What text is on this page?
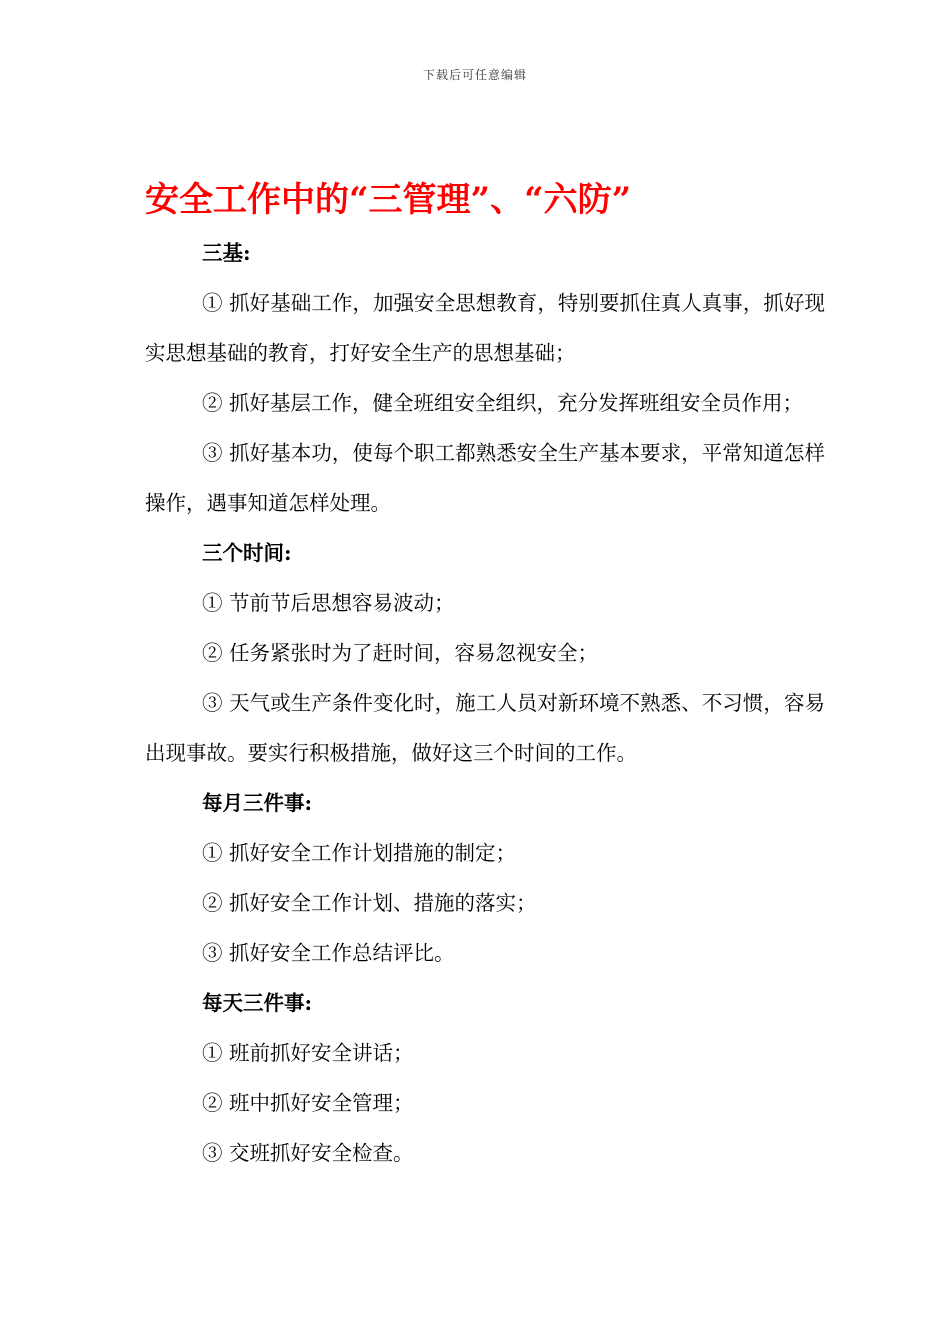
下载后可任意编辑
安全工作中的“三管理”、“六防”

三基:

① 抓好基础工作，加强安全思想教育，特别要抓住真人真事，抓好现实思想基础的教育，打好安全生产的思想基础；

② 抓好基层工作，健全班组安全组织，充分发挥班组安全员作用；

③ 抓好基本功，使每个职工都熟悉安全生产基本要求，平常知道怎样操作，遇事知道怎样处理。

三个时间:

① 节前节后思想容易波动；

② 任务紧张时为了赶时间，容易忽视安全；

③ 天气或生产条件变化时，施工人员对新环境不熟悉、不习惯，容易出现事故。要实行积极措施，做好这三个时间的工作。

每月三件事:

① 抓好安全工作计划措施的制定；

② 抓好安全工作计划、措施的落实；

③ 抓好安全工作总结评比。

每天三件事:

① 班前抓好安全讲话；

② 班中抓好安全管理；

③ 交班抓好安全检查。
